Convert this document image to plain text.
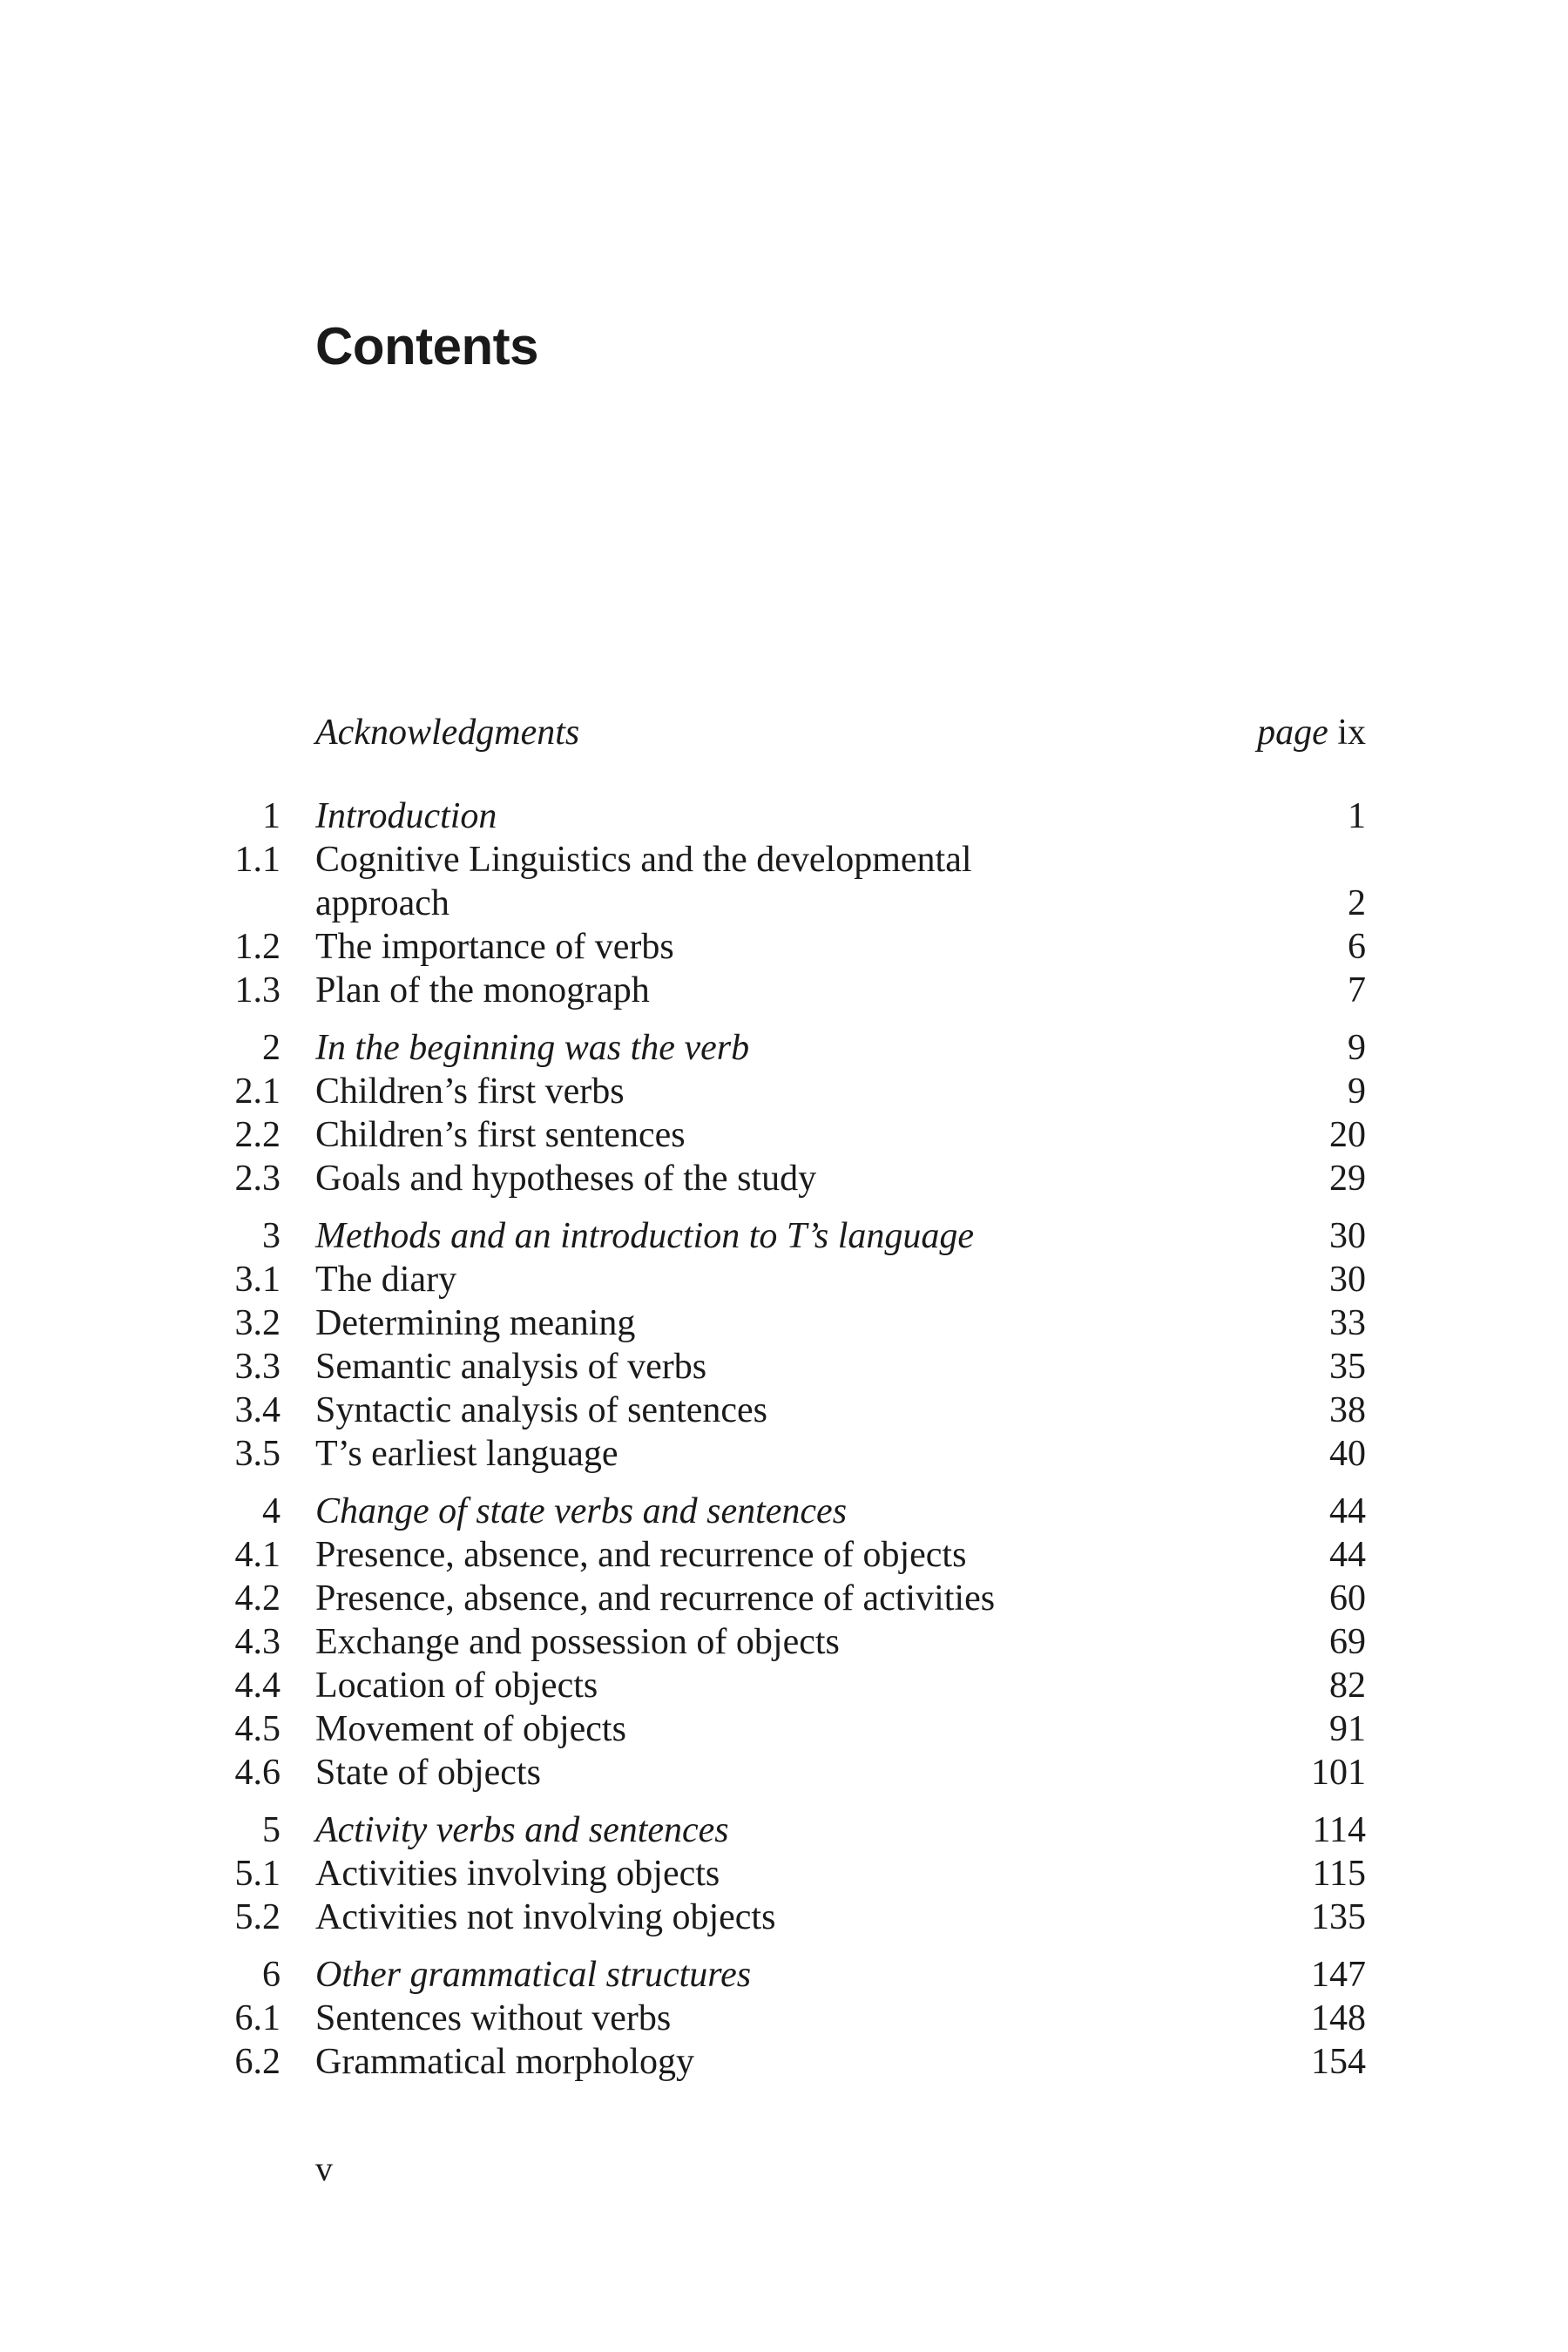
Contents
Acknowledgments	page ix
1 Introduction	1
1.1 Cognitive Linguistics and the developmental
approach	2
1.2 The importance of verbs	6
1.3 Plan of the monograph	7
2 In the beginning was the verb	9
2.1 Children’s first verbs	9
2.2 Children’s first sentences	20
2.3 Goals and hypotheses of the study	29
3 Methods and an introduction to T’s language	30
3.1 The diary	30
3.2 Determining meaning	33
3.3 Semantic analysis of verbs	35
3.4 Syntactic analysis of sentences	38
3.5 T’s earliest language	40
4 Change of state verbs and sentences	44
4.1 Presence, absence, and recurrence of objects	44
4.2 Presence, absence, and recurrence of activities	60
4.3 Exchange and possession of objects	69
4.4 Location of objects	82
4.5 Movement of objects	91
4.6 State of objects	101
5 Activity verbs and sentences	114
5.1 Activities involving objects	115
5.2 Activities not involving objects	135
6 Other grammatical structures	147
6.1 Sentences without verbs	148
6.2 Grammatical morphology	154
v
